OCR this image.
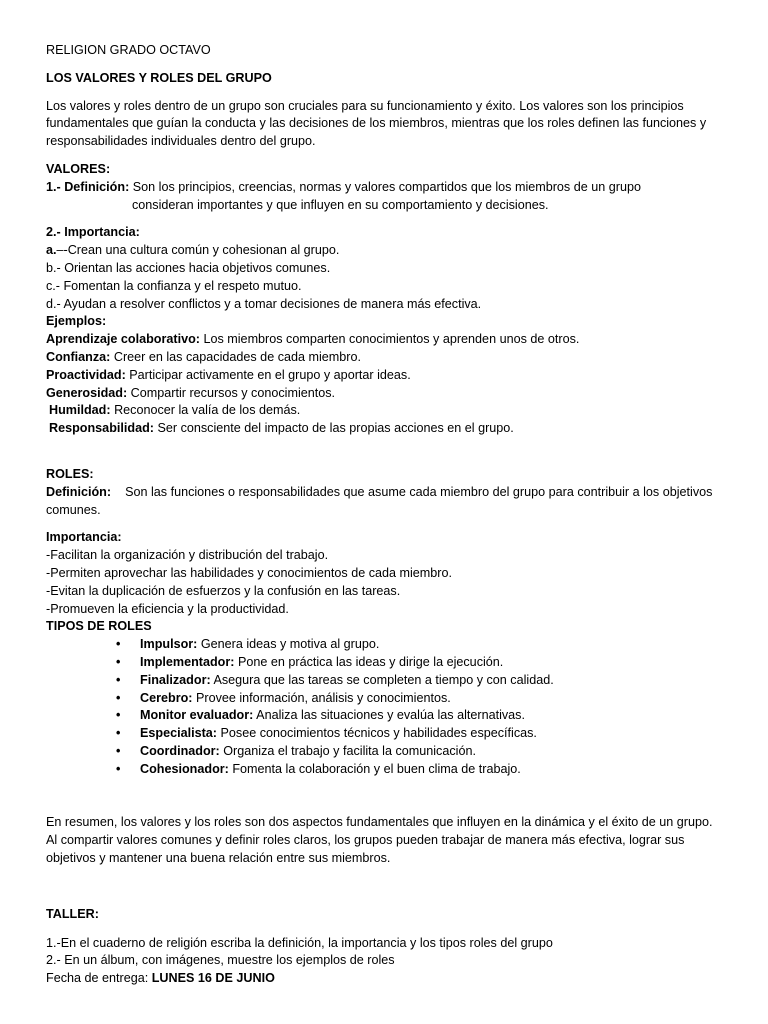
RELIGION GRADO OCTAVO

LOS VALORES Y ROLES DEL GRUPO

Los valores y roles dentro de un grupo son cruciales para su funcionamiento y éxito. Los valores son los principios fundamentales que guían la conducta y las decisiones de los miembros, mientras que los roles definen las funciones y responsabilidades individuales dentro del grupo.

VALORES:

1.- Definición: Son los principios, creencias, normas y valores compartidos que los miembros de un grupo

consideran importantes y que influyen en su comportamiento y decisiones.

2.- Importancia:

a.–-Crean una cultura común y cohesionan al grupo.

b.- Orientan las acciones hacia objetivos comunes.

c.- Fomentan la confianza y el respeto mutuo.

d.- Ayudan a resolver conflictos y a tomar decisiones de manera más efectiva.

Ejemplos:

Aprendizaje colaborativo: Los miembros comparten conocimientos y aprenden unos de otros.

Confianza: Creer en las capacidades de cada miembro.

Proactividad: Participar activamente en el grupo y aportar ideas.

Generosidad: Compartir recursos y conocimientos.

Humildad: Reconocer la valía de los demás.

Responsabilidad: Ser consciente del impacto de las propias acciones en el grupo.

ROLES:

Definición:    Son las funciones o responsabilidades que asume cada miembro del grupo para contribuir a los objetivos comunes.

Importancia:

-Facilitan la organización y distribución del trabajo.

-Permiten aprovechar las habilidades y conocimientos de cada miembro.

-Evitan la duplicación de esfuerzos y la confusión en las tareas.

-Promueven la eficiencia y la productividad.

TIPOS DE ROLES

• Impulsor: Genera ideas y motiva al grupo.
• Implementador: Pone en práctica las ideas y dirige la ejecución.
• Finalizador: Asegura que las tareas se completen a tiempo y con calidad.
• Cerebro: Provee información, análisis y conocimientos.
• Monitor evaluador: Analiza las situaciones y evalúa las alternativas.
• Especialista: Posee conocimientos técnicos y habilidades específicas.
• Coordinador: Organiza el trabajo y facilita la comunicación.
• Cohesionador: Fomenta la colaboración y el buen clima de trabajo.

En resumen, los valores y los roles son dos aspectos fundamentales que influyen en la dinámica y el éxito de un grupo. Al compartir valores comunes y definir roles claros, los grupos pueden trabajar de manera más efectiva, lograr sus objetivos y mantener una buena relación entre sus miembros.

TALLER:

1.-En el cuaderno de religión escriba la definición, la importancia y los tipos roles del grupo

2.- En un álbum, con imágenes, muestre los ejemplos de roles

Fecha de entrega: LUNES 16 DE JUNIO
